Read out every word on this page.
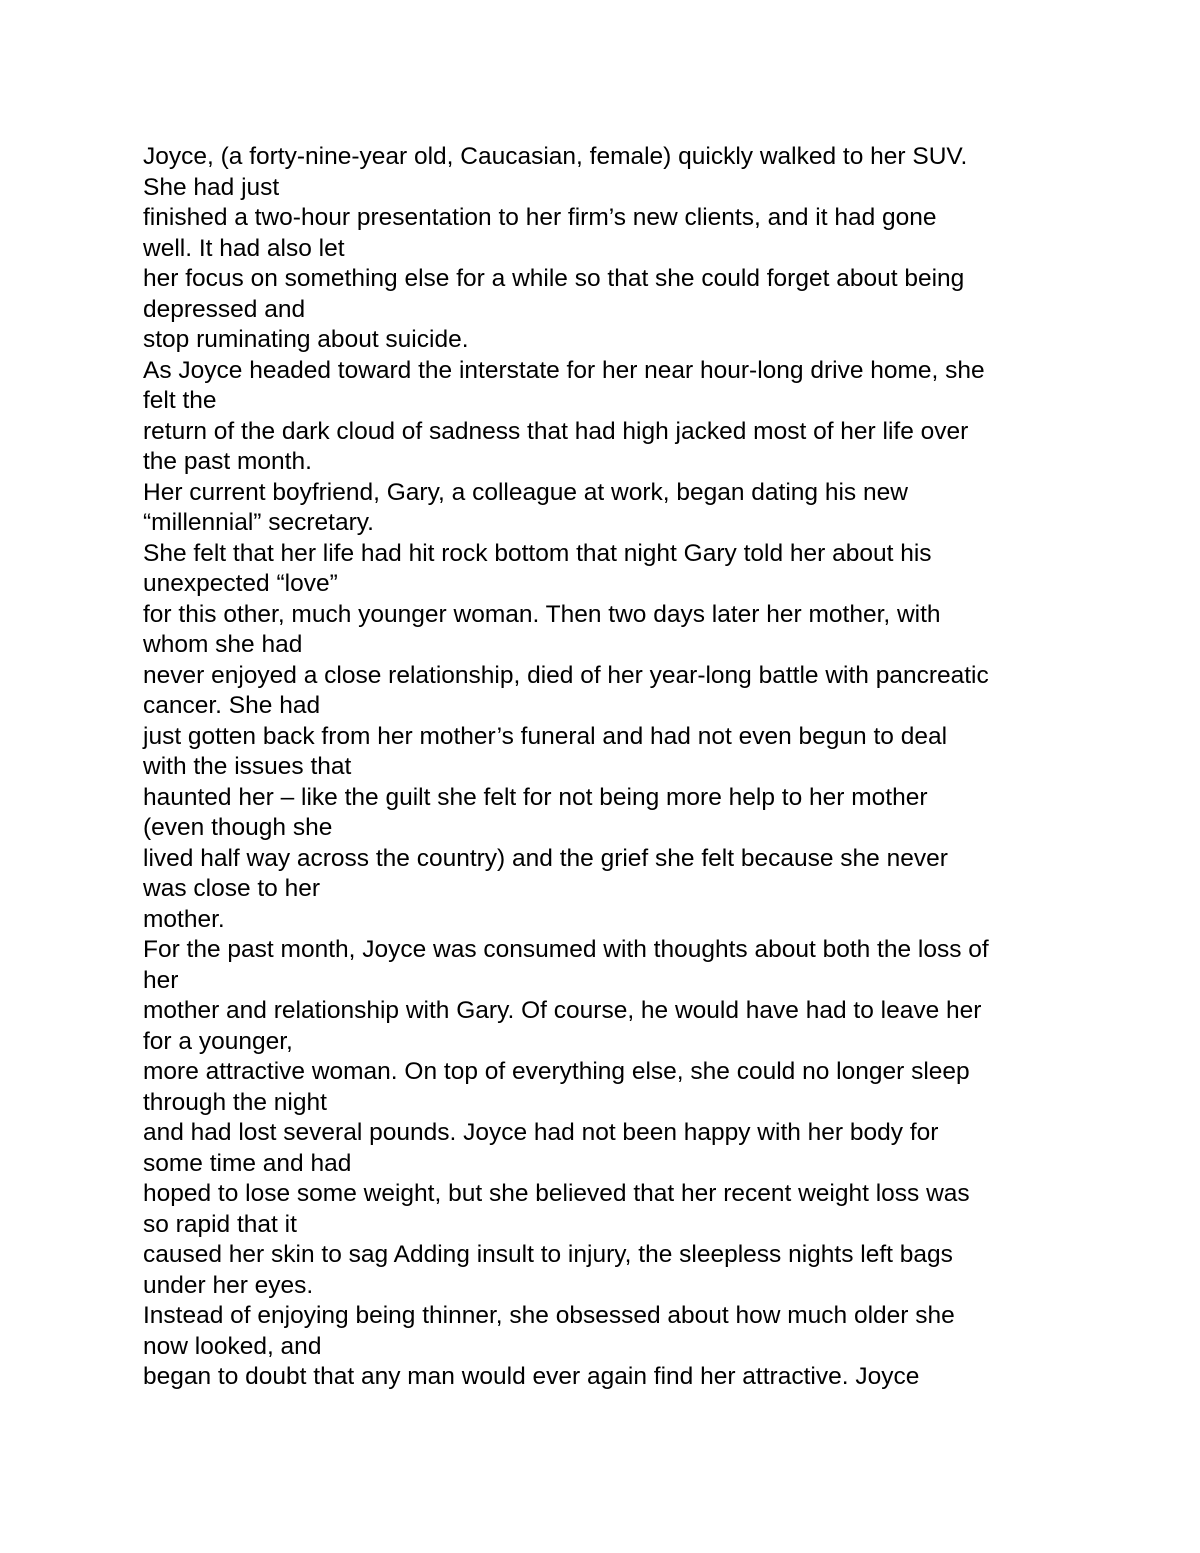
Joyce, (a forty-nine-year old, Caucasian, female) quickly walked to her SUV.
She had just
finished a two-hour presentation to her firm’s new clients, and it had gone
well. It had also let
her focus on something else for a while so that she could forget about being
depressed and
stop ruminating about suicide.
As Joyce headed toward the interstate for her near hour-long drive home, she
felt the
return of the dark cloud of sadness that had high jacked most of her life over
the past month.
Her current boyfriend, Gary, a colleague at work, began dating his new
“millennial” secretary.
She felt that her life had hit rock bottom that night Gary told her about his
unexpected “love”
for this other, much younger woman. Then two days later her mother, with
whom she had
never enjoyed a close relationship, died of her year-long battle with pancreatic
cancer. She had
just gotten back from her mother’s funeral and had not even begun to deal
with the issues that
haunted her – like the guilt she felt for not being more help to her mother
(even though she
lived half way across the country) and the grief she felt because she never
was close to her
mother.
For the past month, Joyce was consumed with thoughts about both the loss of
her
mother and relationship with Gary. Of course, he would have had to leave her
for a younger,
more attractive woman. On top of everything else, she could no longer sleep
through the night
and had lost several pounds. Joyce had not been happy with her body for
some time and had
hoped to lose some weight, but she believed that her recent weight loss was
so rapid that it
caused her skin to sag Adding insult to injury, the sleepless nights left bags
under her eyes.
Instead of enjoying being thinner, she obsessed about how much older she
now looked, and
began to doubt that any man would ever again find her attractive. Joyce
